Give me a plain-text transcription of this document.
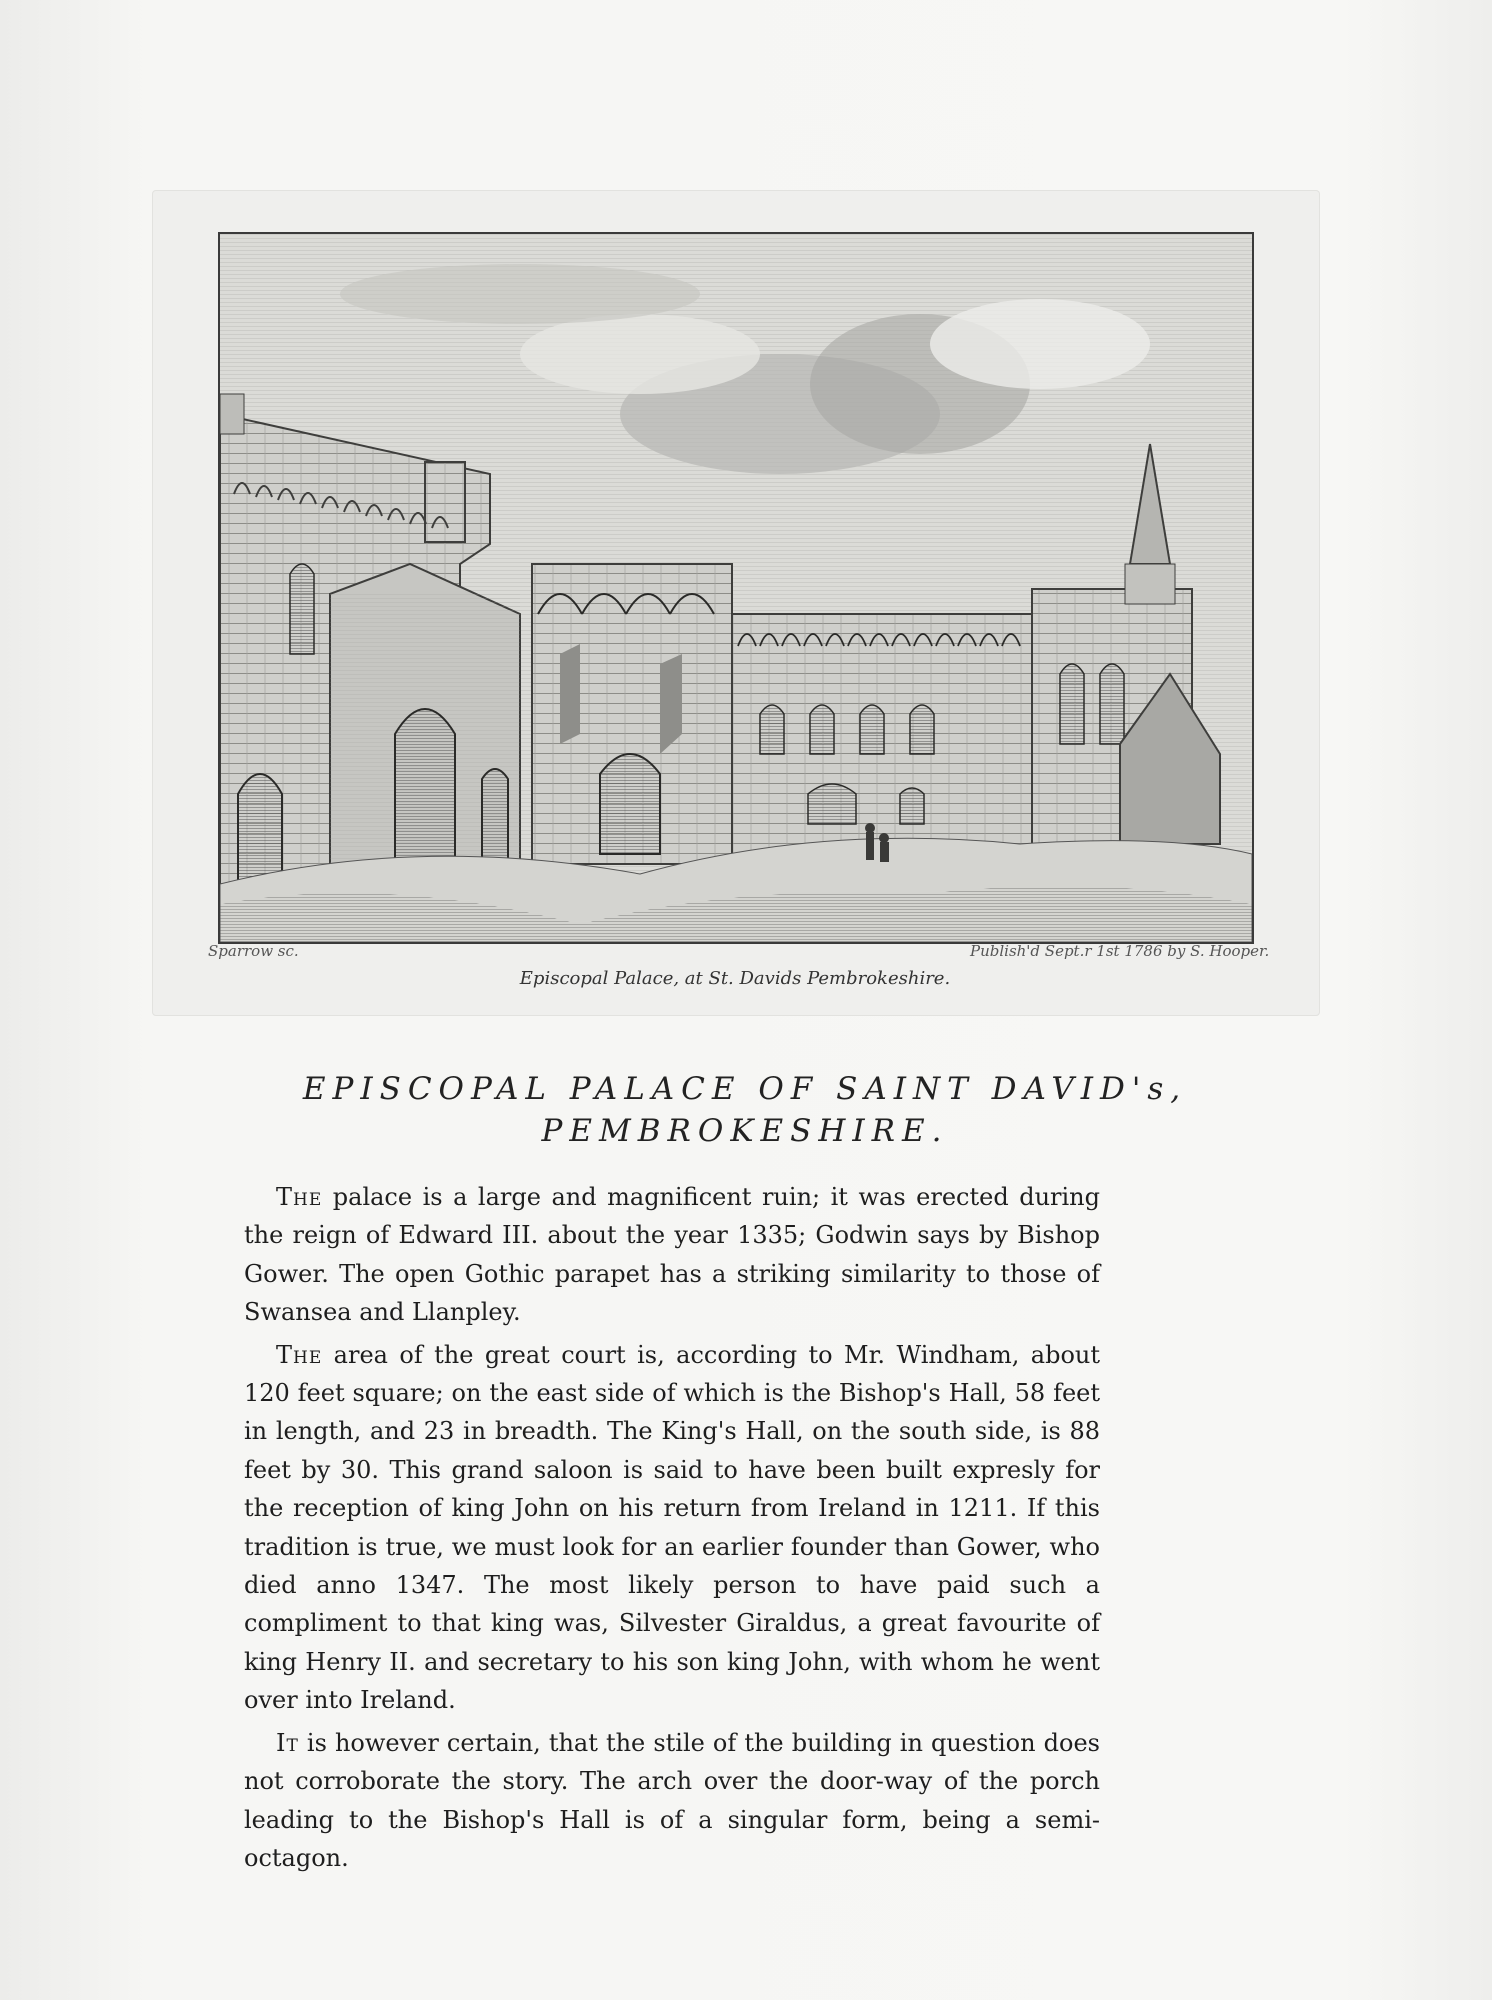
Sparrow sc.	Publish'd Sept.r 1st 1786 by S. Hooper.
Episcopal Palace, at St. Davids Pembrokeshire.
EPISCOPAL PALACE OF SAINT DAVID's,
PEMBROKESHIRE.

The palace is a large and magnificent ruin; it was erected during the reign of Edward III. about the year 1335; Godwin says by Bishop Gower. The open Gothic parapet has a striking similarity to those of Swansea and Llanpley.

The area of the great court is, according to Mr. Windham, about 120 feet square; on the east side of which is the Bishop's Hall, 58 feet in length, and 23 in breadth. The King's Hall, on the south side, is 88 feet by 30. This grand saloon is said to have been built expresly for the reception of king John on his return from Ireland in 1211. If this tradition is true, we must look for an earlier founder than Gower, who died anno 1347. The most likely person to have paid such a compliment to that king was, Silvester Giraldus, a great favourite of king Henry II. and secretary to his son king John, with whom he went over into Ireland.

It is however certain, that the stile of the building in question does not corroborate the story. The arch over the door-way of the porch leading to the Bishop's Hall is of a singular form, being a semi-octagon.
